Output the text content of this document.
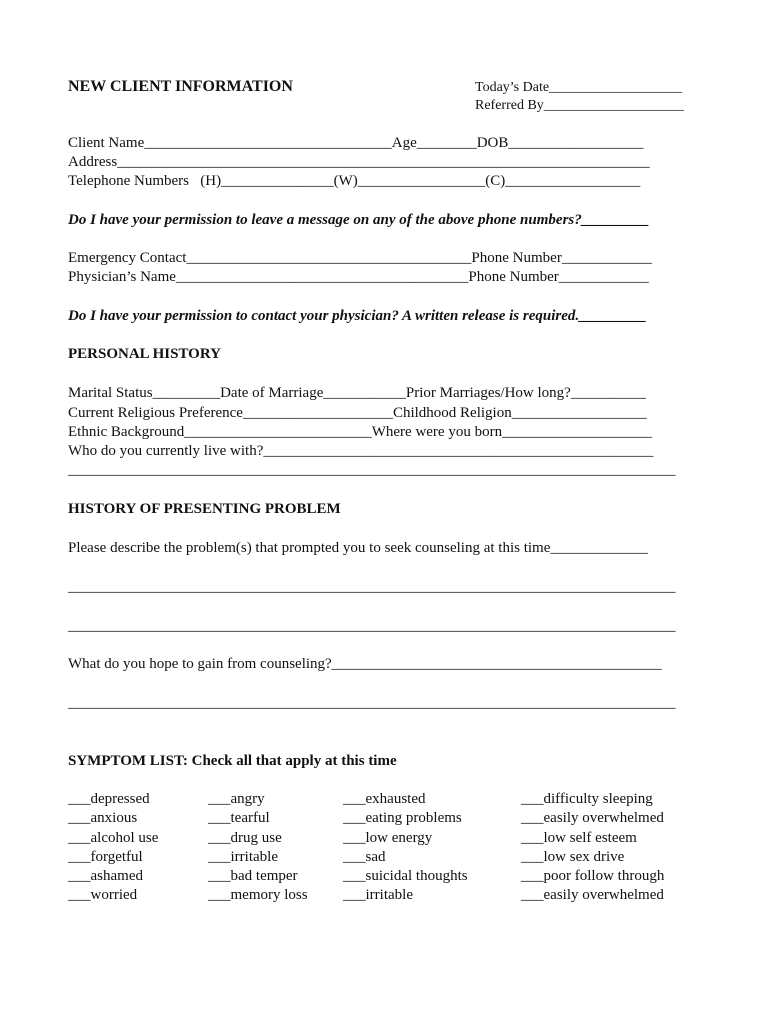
NEW CLIENT INFORMATION	Today’s Date___________________
Referred By____________________
Client Name_________________________________Age________DOB__________________
Address_______________________________________________________________________
Telephone Numbers   (H)_______________(W)_________________(C)__________________
Do I have your permission to leave a message on any of the above phone numbers?_________
Emergency Contact______________________________________Phone Number____________
Physician’s Name_______________________________________Phone Number____________
Do I have your permission to contact your physician? A written release is required._________
PERSONAL HISTORY
Marital Status_________Date of Marriage___________Prior Marriages/How long?__________
Current Religious Preference____________________Childhood Religion__________________
Ethnic Background_________________________Where were you born____________________
Who do you currently live with?____________________________________________________
_________________________________________________________________________________
HISTORY OF PRESENTING PROBLEM
Please describe the problem(s) that prompted you to seek counseling at this time_____________
_________________________________________________________________________________
_________________________________________________________________________________
What do you hope to gain from counseling?____________________________________________
_________________________________________________________________________________
SYMPTOM LIST: Check all that apply at this time
___depressed
___anxious
___alcohol use
___forgetful
___ashamed
___worried
___angry
___tearful
___drug use
___irritable
___bad temper
___memory loss
___exhausted
___eating problems
___low energy
___sad
___suicidal thoughts
___irritable
___difficulty sleeping
___easily overwhelmed
___low self esteem
___low sex drive
___poor follow through
___easily overwhelmed
